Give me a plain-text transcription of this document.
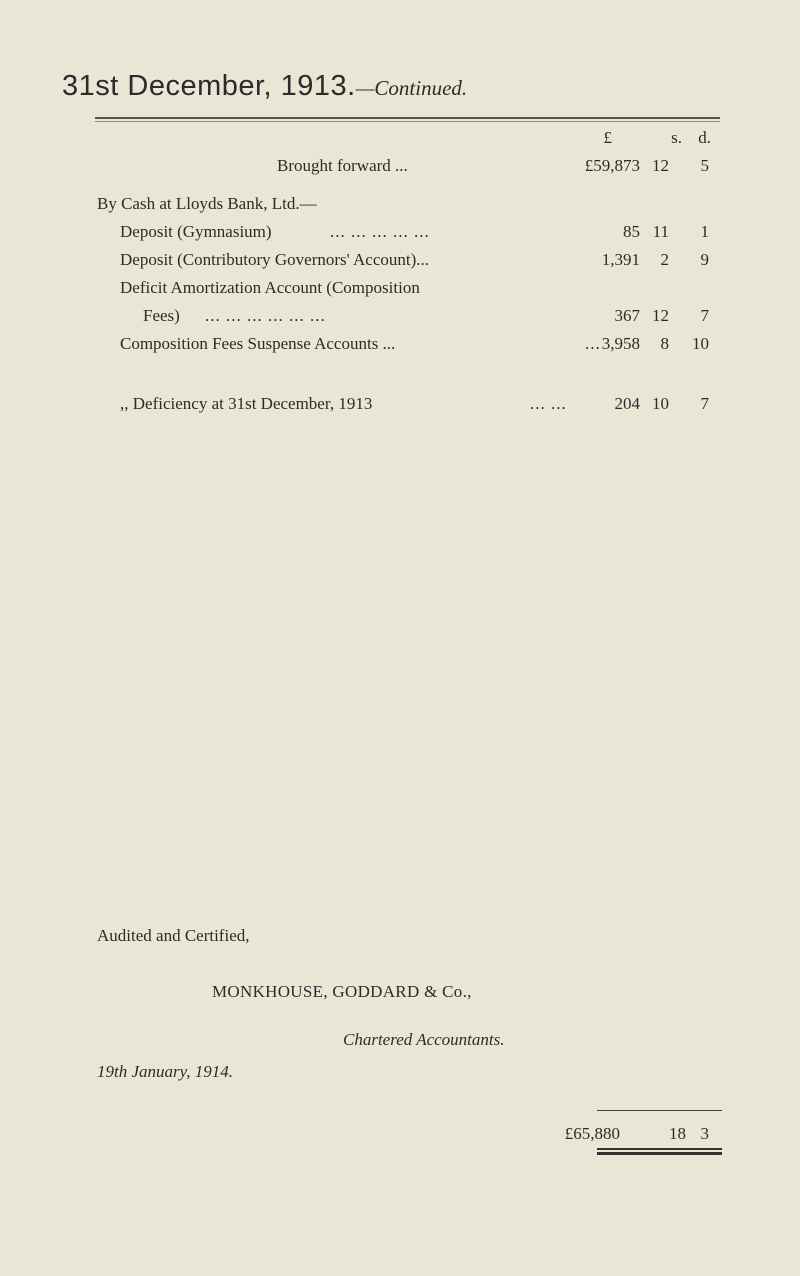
31st December, 1913.—Continued.
£	s. d.
Brought forward ...	£59,873 12	5
By Cash at Lloyds Bank, Ltd.—
Deposit (Gymnasium)	... ... ... ... ...	85 11	1
Deposit (Contributory Governors' Account)...	1,391	2	9
Deficit Amortization Account (Composition
Fees) ... ... ... ... ... ...	367 12	7
Composition Fees Suspense Accounts ...	... 3,958	8	10
,, Deficiency at 31st December, 1913	... ...	204 10	7
Audited and Certified,
MONKHOUSE, GODDARD & Co.,
Chartered Accountants.
19th January, 1914.
£65,880	18 3
